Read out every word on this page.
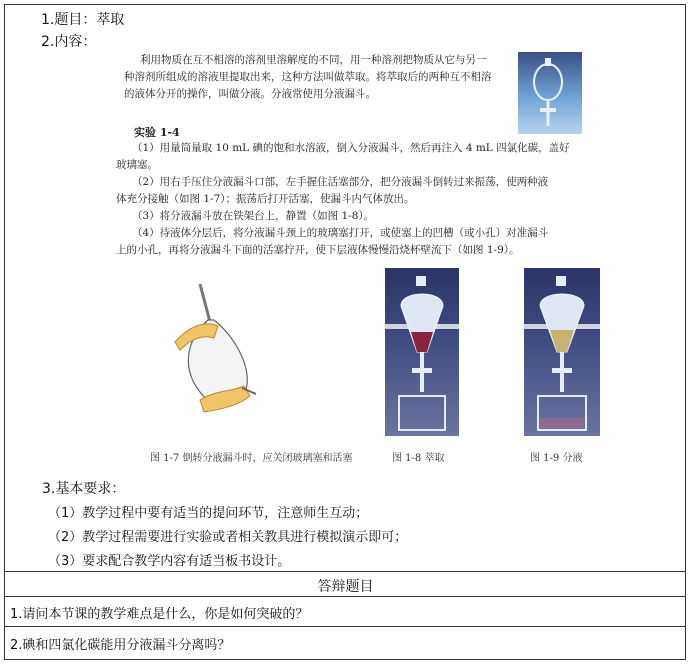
1.题目：萃取
2.内容：
利用物质在互不相溶的溶剂里溶解度的不同，用一种溶剂把物质从它与另一
种溶剂所组成的溶液里提取出来，这种方法叫做萃取。将萃取后的两种互不相溶
的液体分开的操作，叫做分液。分液常使用分液漏斗。
实验 1-4
（1）用量筒量取 10 mL 碘的饱和水溶液，倒入分液漏斗，然后再注入 4 mL 四氯化碳，盖好
玻璃塞。
（2）用右手压住分液漏斗口部，左手握住活塞部分，把分液漏斗倒转过来振荡，使两种液
体充分接触（如图 1-7）；振荡后打开活塞，使漏斗内气体放出。
（3）将分液漏斗放在铁架台上，静置（如图 1-8）。
（4）待液体分层后，将分液漏斗颈上的玻璃塞打开，或使塞上的凹槽（或小孔）对准漏斗
上的小孔，再将分液漏斗下面的活塞拧开，使下层液体慢慢沿烧杯壁流下（如图 1-9）。
图 1-7 倒转分液漏斗时，应关闭玻璃塞和活塞	图 1-8 萃取	图 1-9 分液
3.基本要求：
（1）教学过程中要有适当的提问环节，注意师生互动；
（2）教学过程需要进行实验或者相关教具进行模拟演示即可；
（3）要求配合教学内容有适当板书设计。
答辩题目
1.请问本节课的教学难点是什么，你是如何突破的？
2.碘和四氯化碳能用分液漏斗分离吗？
